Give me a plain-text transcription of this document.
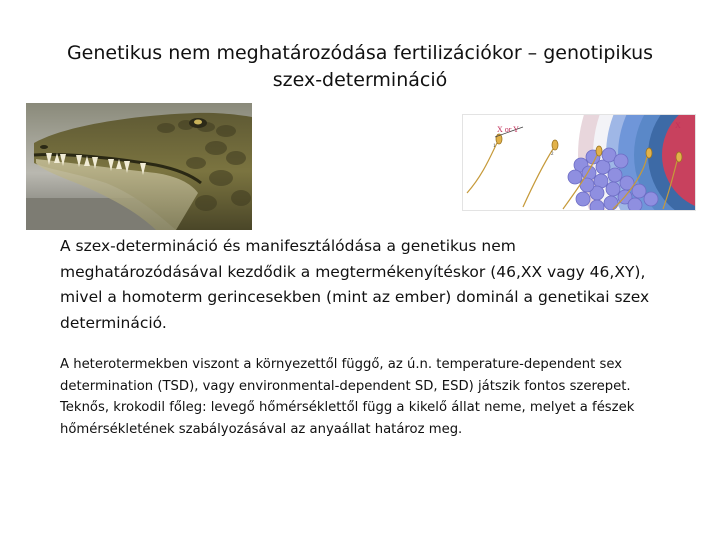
Genetikus nem meghatározódása fertilizációkor – genotipikus
szex-determináció
X or Y
1
2
X

A szex-determináció és manifesztálódása a genetikus nem meghatározódásával kezdődik a megtermékenyítéskor (46,XX vagy 46,XY), mivel a homoterm gerincesekben (mint az ember) dominál a genetikai szex determináció.

A heterotermekben viszont a környezettől függő, az ú.n. temperature-dependent sex determination (TSD), vagy environmental-dependent SD, ESD) játszik fontos szerepet.
Teknős, krokodil főleg: levegő hőmérséklettől függ a kikelő állat neme, melyet a fészek hőmérsékletének szabályozásával az anyaállat határoz meg.
